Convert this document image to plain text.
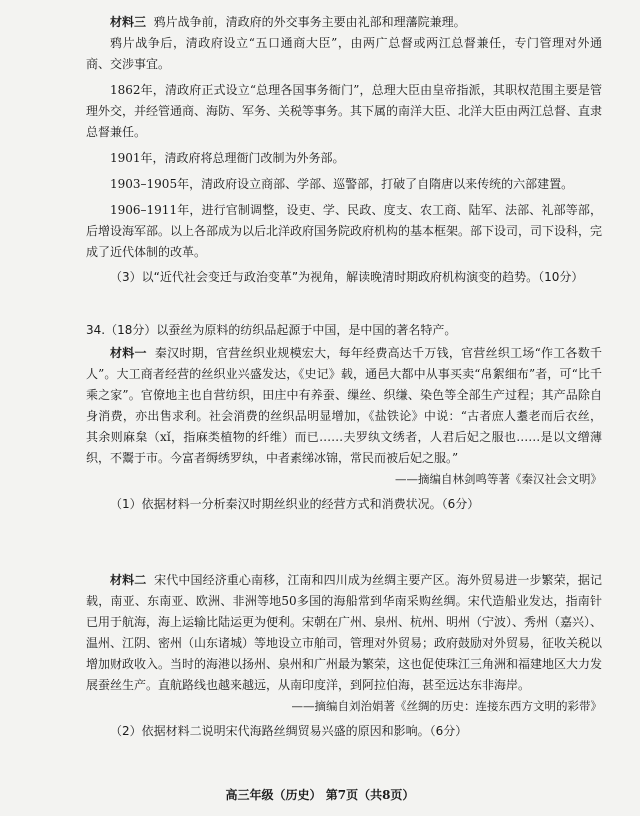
材料三 鸦片战争前，清政府的外交事务主要由礼部和理藩院兼理。

鸦片战争后，清政府设立“五口通商大臣”，由两广总督或两江总督兼任，专门管理对外通商、交涉事宜。

1862年，清政府正式设立“总理各国事务衙门”，总理大臣由皇帝指派，其职权范围主要是管理外交，并经管通商、海防、军务、关税等事务。其下属的南洋大臣、北洋大臣由两江总督、直隶总督兼任。

1901年，清政府将总理衙门改制为外务部。

1903–1905年，清政府设立商部、学部、巡警部，打破了自隋唐以来传统的六部建置。

1906–1911年，进行官制调整，设吏、学、民政、度支、农工商、陆军、法部、礼部等部，后增设海军部。以上各部成为以后北洋政府国务院政府机构的基本框架。部下设司，司下设科，完成了近代体制的改革。

（3）以“近代社会变迁与政治变革”为视角，解读晚清时期政府机构演变的趋势。（10分）

34.（18分）以蚕丝为原料的纺织品起源于中国，是中国的著名特产。

材料一 秦汉时期，官营丝织业规模宏大，每年经费高达千万钱，官营丝织工场“作工各数千人”。大工商者经营的丝织业兴盛发达，《史记》载，通邑大都中从事买卖“帛絮细布”者，可“比千乘之家”。官僚地主也自营纺织，田庄中有养蚕、缫丝、织缣、染色等全部生产过程；其产品除自身消费，亦出售求利。社会消费的丝织品明显增加，《盐铁论》中说：“古者庶人耋老而后衣丝，其余则麻枲（xǐ，指麻类植物的纤维）而已……夫罗纨文绣者，人君后妃之服也……是以文缯薄织，不鬻于市。今富者缛绣罗纨，中者素绨冰锦，常民而被后妃之服。”

——摘编自林剑鸣等著《秦汉社会文明》

（1）依据材料一分析秦汉时期丝织业的经营方式和消费状况。（6分）

材料二 宋代中国经济重心南移，江南和四川成为丝绸主要产区。海外贸易进一步繁荣，据记载，南亚、东南亚、欧洲、非洲等地50多国的海船常到华南采购丝绸。宋代造船业发达，指南针已用于航海，海上运输比陆运更为便利。宋朝在广州、泉州、杭州、明州（宁波）、秀州（嘉兴）、温州、江阴、密州（山东诸城）等地设立市舶司，管理对外贸易；政府鼓励对外贸易，征收关税以增加财政收入。当时的海港以扬州、泉州和广州最为繁荣，这也促使珠江三角洲和福建地区大力发展蚕丝生产。直航路线也越来越远，从南印度洋，到阿拉伯海，甚至远达东非海岸。

——摘编自刘治娟著《丝绸的历史：连接东西方文明的彩带》

（2）依据材料二说明宋代海路丝绸贸易兴盛的原因和影响。（6分）

高三年级（历史） 第7页（共8页）
